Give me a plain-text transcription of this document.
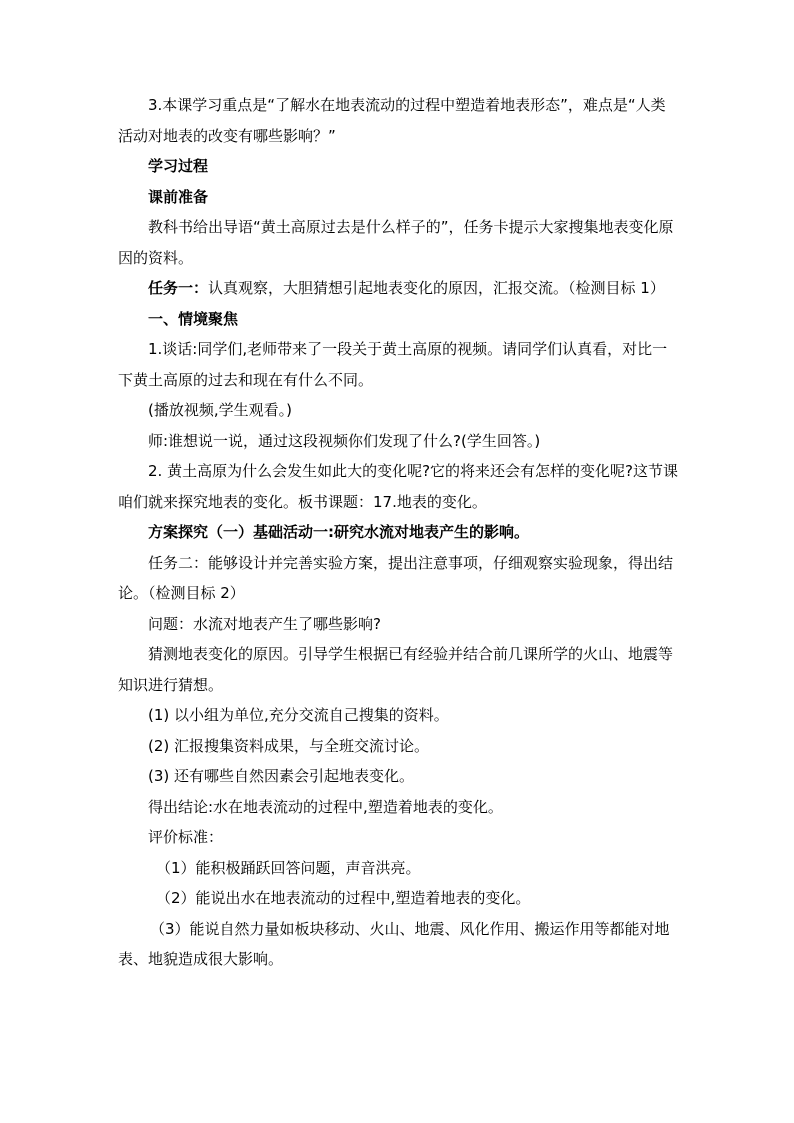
3.本课学习重点是“了解水在地表流动的过程中塑造着地表形态”，难点是“人类活动对地表的改变有哪些影响？”

学习过程

课前准备

教科书给出导语“黄土高原过去是什么样子的”，任务卡提示大家搜集地表变化原因的资料。

任务一：认真观察，大胆猜想引起地表变化的原因，汇报交流。（检测目标 1）

一、情境聚焦

1.谈话:同学们,老师带来了一段关于黄土高原的视频。请同学们认真看，对比一下黄土高原的过去和现在有什么不同。

(播放视频,学生观看。)

师:谁想说一说，通过这段视频你们发现了什么?(学生回答。)

2. 黄土高原为什么会发生如此大的变化呢?它的将来还会有怎样的变化呢?这节课咱们就来探究地表的变化。板书课题：17.地表的变化。

方案探究（一）基础活动一:研究水流对地表产生的影响。

任务二：能够设计并完善实验方案，提出注意事项，仔细观察实验现象，得出结论。（检测目标 2）

问题：水流对地表产生了哪些影响?

猜测地表变化的原因。引导学生根据已有经验并结合前几课所学的火山、地震等知识进行猜想。

(1) 以小组为单位,充分交流自己搜集的资料。

(2) 汇报搜集资料成果，与全班交流讨论。

(3) 还有哪些自然因素会引起地表变化。

得出结论:水在地表流动的过程中,塑造着地表的变化。

评价标准：

（1）能积极踊跃回答问题，声音洪亮。

（2）能说出水在地表流动的过程中,塑造着地表的变化。

（3）能说自然力量如板块移动、火山、地震、风化作用、搬运作用等都能对地表、地貌造成很大影响。
